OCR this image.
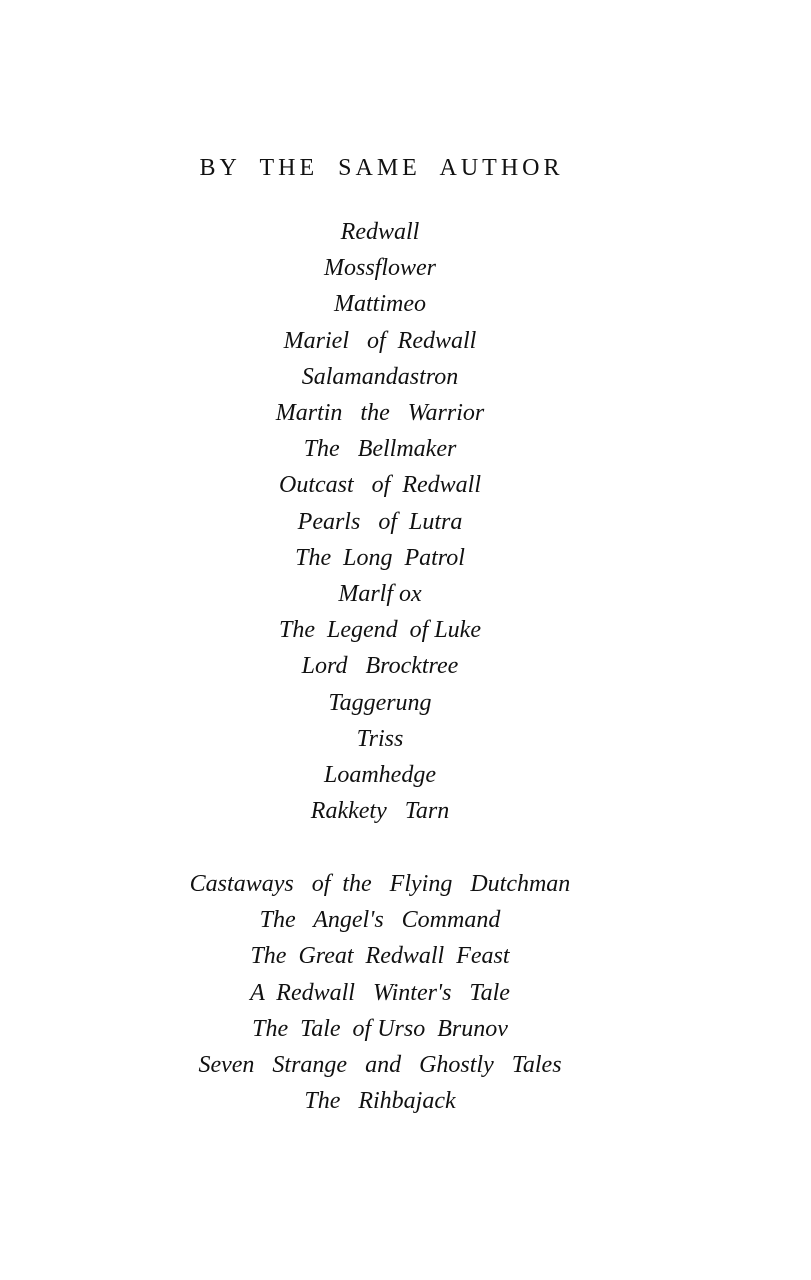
BY THE SAME AUTHOR
Redwall
Mossflower
Mattimeo
Mariel   of  Redwall
Salamandastron
Martin   the   Warrior
The   Bellmaker
Outcast   of  Redwall
Pearls   of  Lutra
The  Long  Patrol
Marlf ox
The  Legend  of Luke
Lord   Brocktree
Taggerung
Triss
Loamhedge
Rakkety   Tarn
Castaways   of  the   Flying   Dutchman
The   Angel's   Command
The  Great  Redwall  Feast
A  Redwall   Winter's   Tale
The  Tale  of Urso  Brunov
Seven   Strange   and   Ghostly   Tales
The   Rihbajack
